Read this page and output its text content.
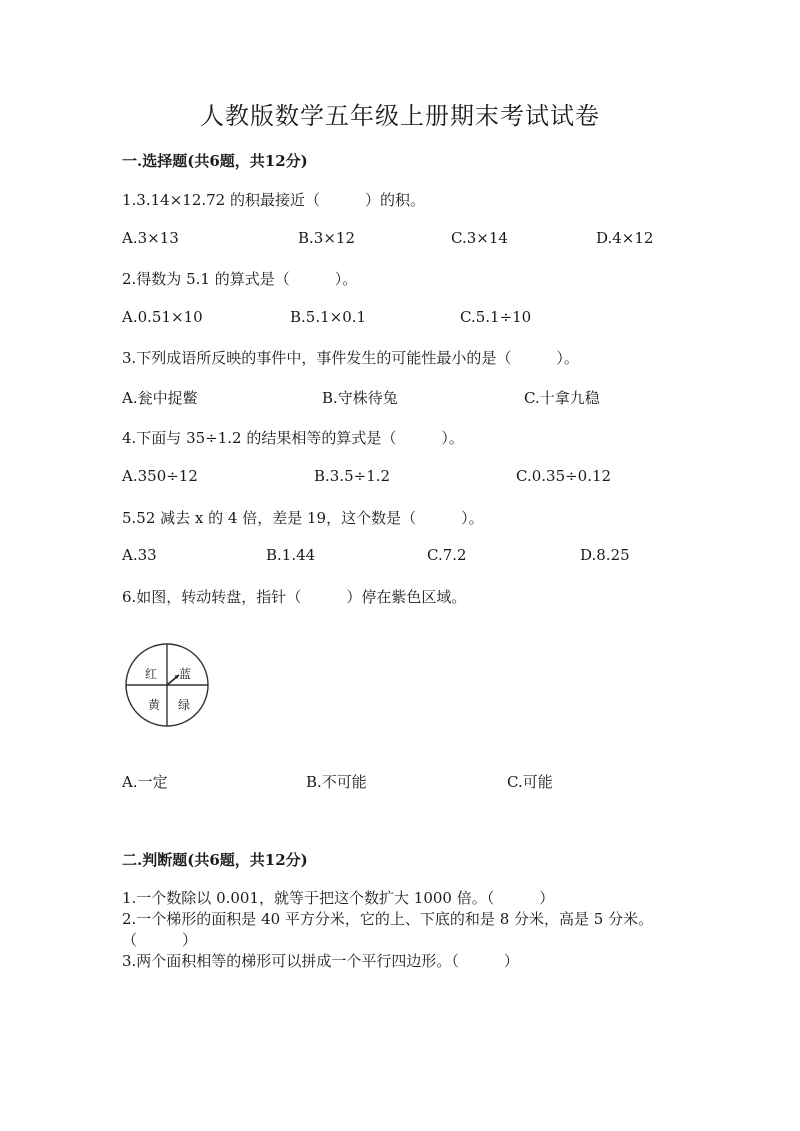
人教版数学五年级上册期末考试试卷
一.选择题(共6题，共12分)
1.3.14×12.72 的积最接近（　　　）的积。
A.3×13	B.3×12	C.3×14	D.4×12
2.得数为 5.1 的算式是（　　　）。
A.0.51×10	B.5.1×0.1	C.5.1÷10
3.下列成语所反映的事件中，事件发生的可能性最小的是（　　　）。
A.瓮中捉鳖	B.守株待兔	C.十拿九稳
4.下面与 35÷1.2 的结果相等的算式是（　　　）。
A.350÷12	B.3.5÷1.2	C.0.35÷0.12
5.52 减去 x 的 4 倍，差是 19，这个数是（　　　）。
A.33	B.1.44	C.7.2	D.8.25
6.如图，转动转盘，指针（　　　）停在紫色区域。
红 蓝
黄 绿
A.一定	B.不可能	C.可能
二.判断题(共6题，共12分)
1.一个数除以 0.001，就等于把这个数扩大 1000 倍。（　　　）
2.一个梯形的面积是 40 平方分米，它的上、下底的和是 8 分米，高是 5 分米。
（　　　）
3.两个面积相等的梯形可以拼成一个平行四边形。（　　　）
